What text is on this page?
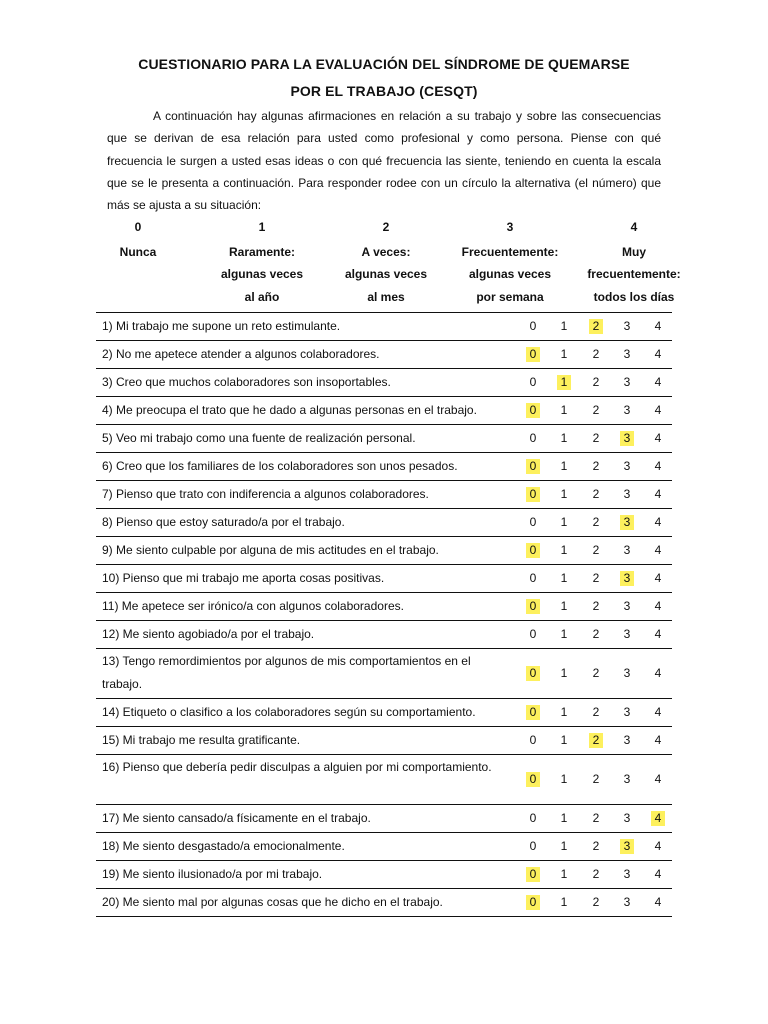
CUESTIONARIO PARA LA EVALUACIÓN DEL SÍNDROME DE QUEMARSE
POR EL TRABAJO (CESQT)

A continuación hay algunas afirmaciones en relación a su trabajo y sobre las consecuencias que se derivan de esa relación para usted como profesional y como persona. Piense con qué frecuencia le surgen a usted esas ideas o con qué frecuencia las siente, teniendo en cuenta la escala que se le presenta a continuación. Para responder rodee con un círculo la alternativa (el número) que más se ajusta a su situación:

0
Nunca
1
Raramente:
algunas veces
al año
2
A veces:
algunas veces
al mes
3
Frecuentemente:
algunas veces
por semana
4
Muy
frecuentemente:
todos los días
1) Mi trabajo me supone un reto estimulante.	0	1	2	3	4
2) No me apetece atender a algunos colaboradores.	0	1	2	3	4
3) Creo que muchos colaboradores son insoportables.	0	1	2	3	4
4) Me preocupa el trato que he dado a algunas personas en el trabajo.	0	1	2	3	4
5) Veo mi trabajo como una fuente de realización personal.	0	1	2	3	4
6) Creo que los familiares de los colaboradores son unos pesados.	0	1	2	3	4
7) Pienso que trato con indiferencia a algunos colaboradores.	0	1	2	3	4
8) Pienso que estoy saturado/a por el trabajo.	0	1	2	3	4
9) Me siento culpable por alguna de mis actitudes en el trabajo.	0	1	2	3	4
10) Pienso que mi trabajo me aporta cosas positivas.	0	1	2	3	4
11) Me apetece ser irónico/a con algunos colaboradores.	0	1	2	3	4
12) Me siento agobiado/a por el trabajo.	0	1	2	3	4
13) Tengo remordimientos por algunos de mis comportamientos en el trabajo.
0	1	2	3	4
14) Etiqueto o clasifico a los colaboradores según su comportamiento.	0	1	2	3	4
15) Mi trabajo me resulta gratificante.	0	1	2	3	4
16) Pienso que debería pedir disculpas a alguien por mi comportamiento.
0	1	2	3	4
17) Me siento cansado/a físicamente en el trabajo.	0	1	2	3	4
18) Me siento desgastado/a emocionalmente.	0	1	2	3	4
19) Me siento ilusionado/a por mi trabajo.	0	1	2	3	4
20) Me siento mal por algunas cosas que he dicho en el trabajo.	0	1	2	3	4
